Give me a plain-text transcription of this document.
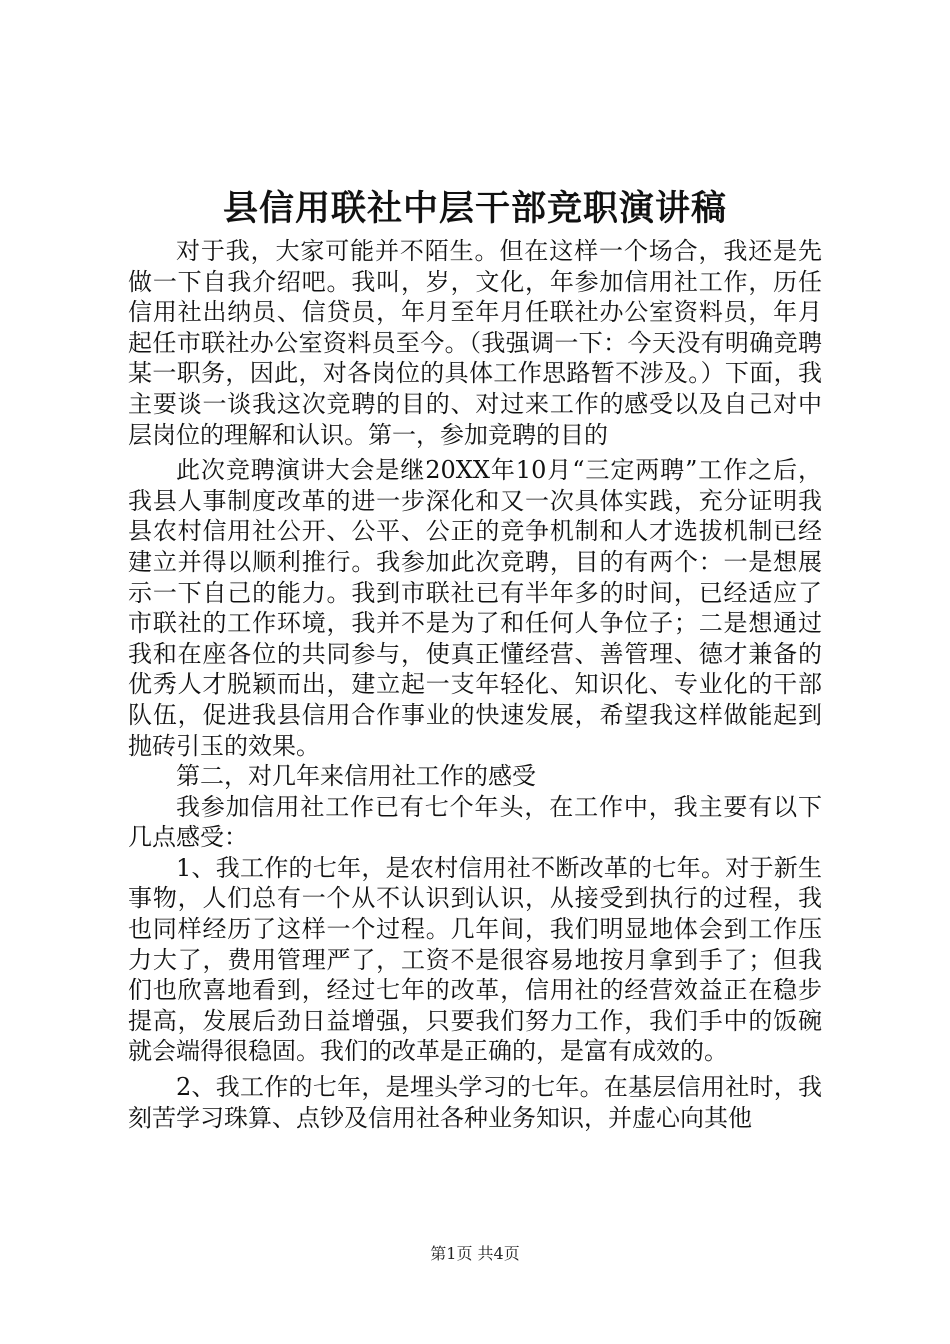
县信用联社中层干部竞职演讲稿

对于我，大家可能并不陌生。但在这样一个场合，我还是先做一下自我介绍吧。我叫，岁，文化，年参加信用社工作，历任信用社出纳员、信贷员，年月至年月任联社办公室资料员，年月起任市联社办公室资料员至今。（我强调一下：今天没有明确竞聘某一职务，因此，对各岗位的具体工作思路暂不涉及。）下面，我主要谈一谈我这次竞聘的目的、对过来工作的感受以及自己对中层岗位的理解和认识。第一，参加竞聘的目的

此次竞聘演讲大会是继20XX年10月“三定两聘”工作之后，我县人事制度改革的进一步深化和又一次具体实践，充分证明我县农村信用社公开、公平、公正的竞争机制和人才选拔机制已经建立并得以顺利推行。我参加此次竞聘，目的有两个：一是想展示一下自己的能力。我到市联社已有半年多的时间，已经适应了市联社的工作环境，我并不是为了和任何人争位子；二是想通过我和在座各位的共同参与，使真正懂经营、善管理、德才兼备的优秀人才脱颖而出，建立起一支年轻化、知识化、专业化的干部队伍，促进我县信用合作事业的快速发展，希望我这样做能起到抛砖引玉的效果。

第二，对几年来信用社工作的感受

我参加信用社工作已有七个年头，在工作中，我主要有以下几点感受：

1、我工作的七年，是农村信用社不断改革的七年。对于新生事物，人们总有一个从不认识到认识，从接受到执行的过程，我也同样经历了这样一个过程。几年间，我们明显地体会到工作压力大了，费用管理严了，工资不是很容易地按月拿到手了；但我们也欣喜地看到，经过七年的改革，信用社的经营效益正在稳步提高，发展后劲日益增强，只要我们努力工作，我们手中的饭碗就会端得很稳固。我们的改革是正确的，是富有成效的。

2、我工作的七年，是埋头学习的七年。在基层信用社时，我刻苦学习珠算、点钞及信用社各种业务知识，并虚心向其他

第1页 共4页
